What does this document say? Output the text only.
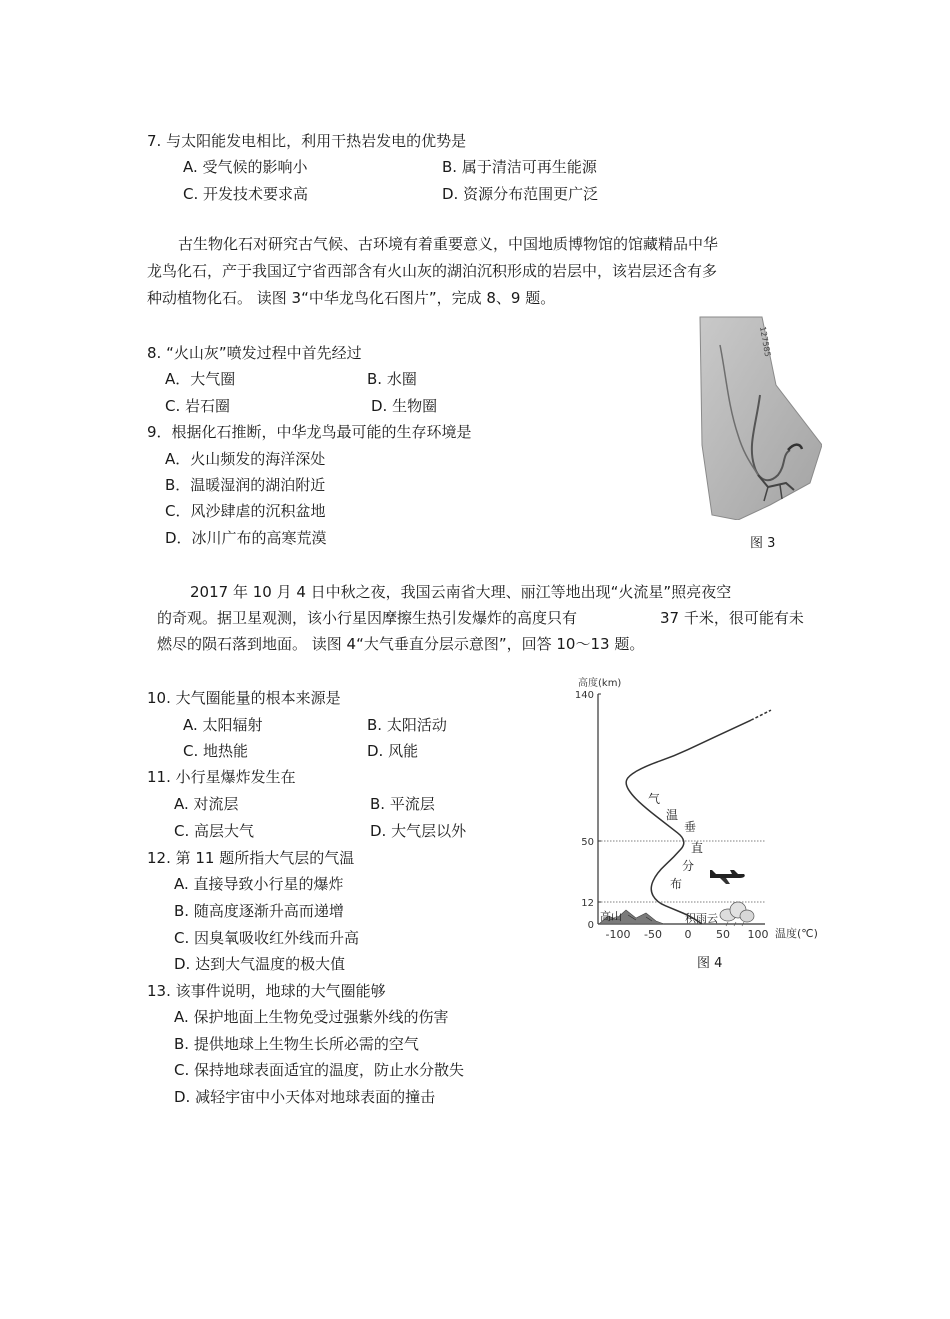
7. 与太阳能发电相比，利用干热岩发电的优势是
A. 受气候的影响小	B. 属于清洁可再生能源
C. 开发技术要求高	D. 资源分布范围更广泛
古生物化石对研究古气候、古环境有着重要意义，中国地质博物馆的馆藏精品中华
龙鸟化石，产于我国辽宁省西部含有火山灰的湖泊沉积形成的岩层中，该岩层还含有多
种动植物化石。 读图 3“中华龙鸟化石图片”，完成 8、9 题。
8. “火山灰”喷发过程中首先经过
A．大气圈	B. 水圈
C. 岩石圈	D. 生物圈
9．根据化石推断，中华龙鸟最可能的生存环境是
A．火山频发的海洋深处
B．温暖湿润的湖泊附近
C．风沙肆虐的沉积盆地
D．冰川广布的高寒荒漠
127585
图 3
2017 年 10 月 4 日中秋之夜，我国云南省大理、丽江等地出现“火流星”照亮夜空
的奇观。据卫星观测，该小行星因摩擦生热引发爆炸的高度只有	37 千米，很可能有未
燃尽的陨石落到地面。 读图 4“大气垂直分层示意图”，回答 10～13 题。
10. 大气圈能量的根本来源是
A. 太阳辐射	B. 太阳活动
C. 地热能	D. 风能
11. 小行星爆炸发生在
A. 对流层	B. 平流层
C. 高层大气	D. 大气层以外
12. 第 11 题所指大气层的气温
A. 直接导致小行星的爆炸
B. 随高度逐渐升高而递增
C. 因臭氧吸收红外线而升高
D. 达到大气温度的极大值
13. 该事件说明，地球的大气圈能够
A. 保护地面上生物免受过强紫外线的伤害
B. 提供地球上生物生长所必需的空气
C. 保持地球表面适宜的温度，防止水分散失
D. 减轻宇宙中小天体对地球表面的撞击
高度(km)
温度(℃)
0
12
50
140
-100 -50 0 50 100
高山	积雨云
气
温
垂
直
分
布
图 4
